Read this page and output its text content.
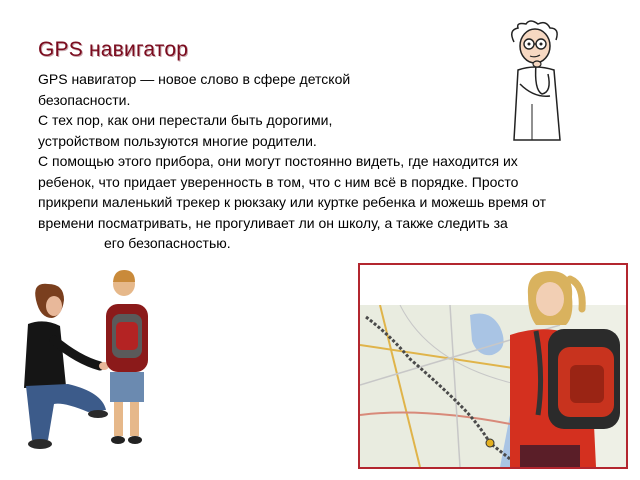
GPS навигатор

GPS навигатор — новое слово в сфере детской
безопасности.

С тех пор, как они перестали быть дорогими,
устройством пользуются многие родители.

С помощью этого прибора, они могут постоянно видеть, где находится их
ребенок, что придает уверенность в том, что с ним всё в порядке. Просто
прикрепи маленький трекер к рюкзаку или куртке ребенка и можешь время от
времени посматривать, не прогуливает ли он школу, а также следить за
его безопасностью.
